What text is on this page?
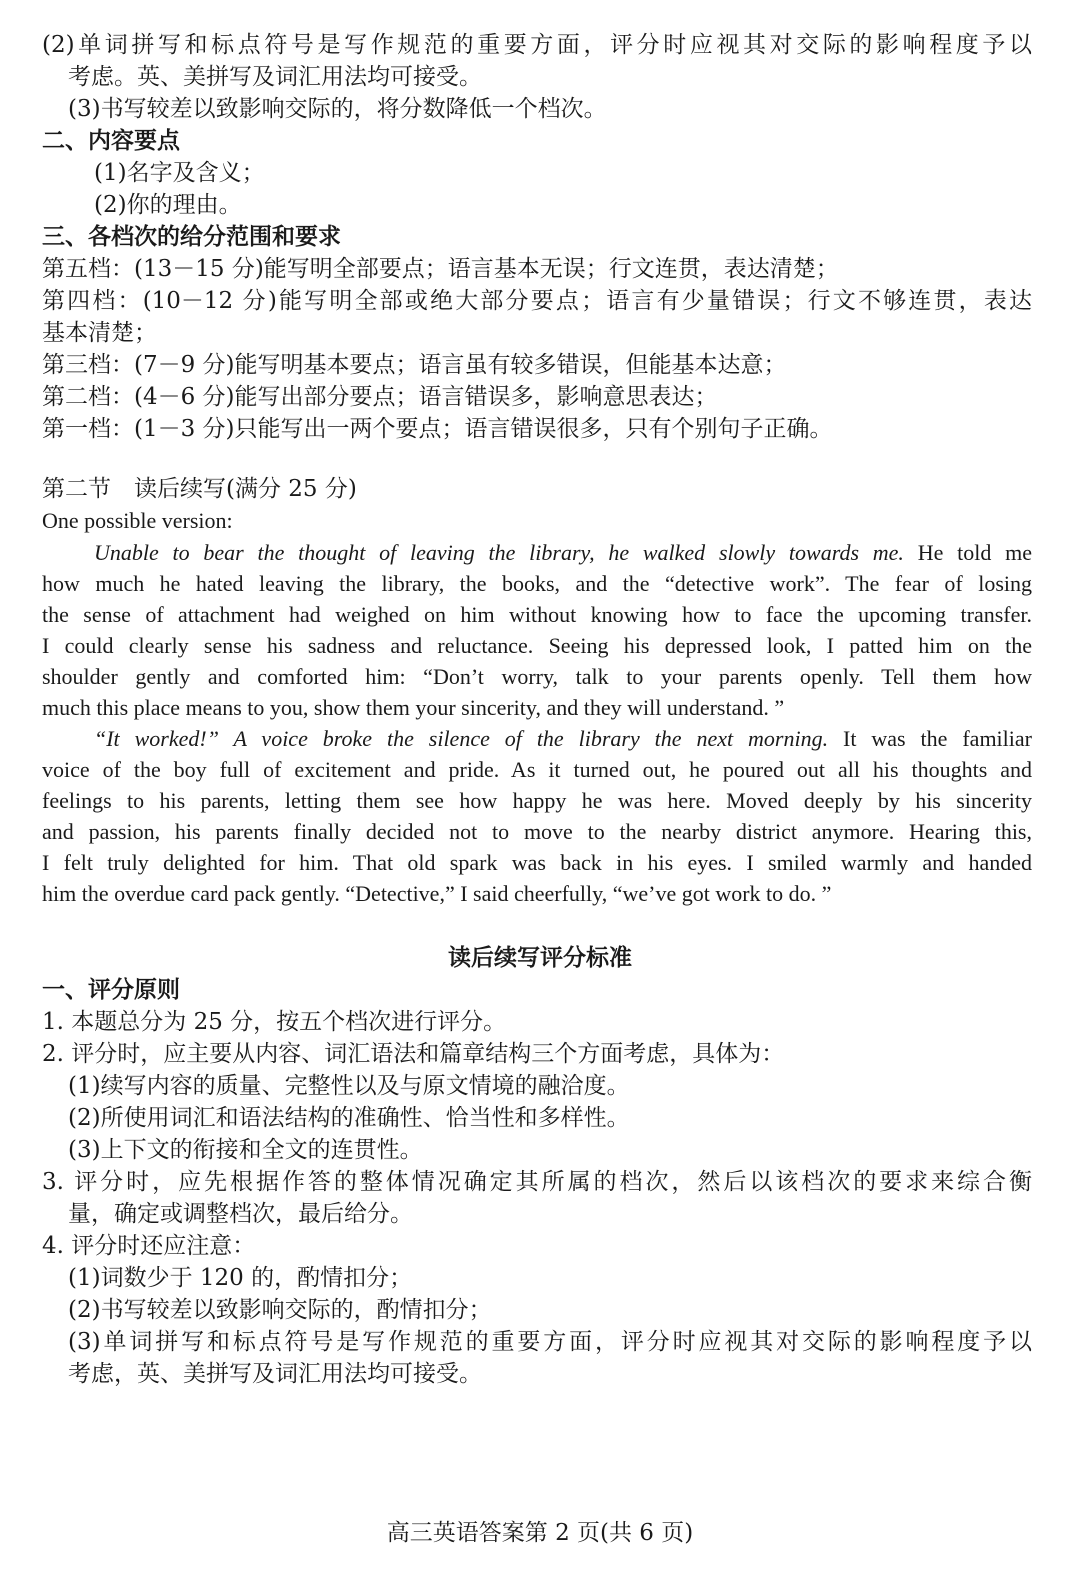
(2)单词拼写和标点符号是写作规范的重要方面，评分时应视其对交际的影响程度予以
考虑。英、美拼写及词汇用法均可接受。
(3)书写较差以致影响交际的，将分数降低一个档次。
二、内容要点
(1)名字及含义；
(2)你的理由。
三、各档次的给分范围和要求
第五档：(13－15 分)能写明全部要点；语言基本无误；行文连贯，表达清楚；
第四档：(10－12 分)能写明全部或绝大部分要点；语言有少量错误；行文不够连贯，表达
基本清楚；
第三档：(7－9 分)能写明基本要点；语言虽有较多错误，但能基本达意；
第二档：(4－6 分)能写出部分要点；语言错误多，影响意思表达；
第一档：(1－3 分)只能写出一两个要点；语言错误很多，只有个别句子正确。
第二节　读后续写(满分 25 分)
One possible version:
Unable to bear the thought of leaving the library, he walked slowly towards me. He told me
how much he hated leaving the library, the books, and the “detective work”. The fear of losing
the sense of attachment had weighed on him without knowing how to face the upcoming transfer.
I could clearly sense his sadness and reluctance. Seeing his depressed look, I patted him on the
shoulder gently and comforted him: “Don’t worry, talk to your parents openly. Tell them how
much this place means to you, show them your sincerity, and they will understand. ”
“It worked!” A voice broke the silence of the library the next morning. It was the familiar
voice of the boy full of excitement and pride. As it turned out, he poured out all his thoughts and
feelings to his parents, letting them see how happy he was here. Moved deeply by his sincerity
and passion, his parents finally decided not to move to the nearby district anymore. Hearing this,
I felt truly delighted for him. That old spark was back in his eyes. I smiled warmly and handed
him the overdue card pack gently. “Detective,” I said cheerfully, “we’ve got work to do. ”
读后续写评分标准
一、评分原则
1. 本题总分为 25 分，按五个档次进行评分。
2. 评分时，应主要从内容、词汇语法和篇章结构三个方面考虑，具体为：
(1)续写内容的质量、完整性以及与原文情境的融洽度。
(2)所使用词汇和语法结构的准确性、恰当性和多样性。
(3)上下文的衔接和全文的连贯性。
3. 评分时，应先根据作答的整体情况确定其所属的档次，然后以该档次的要求来综合衡
量，确定或调整档次，最后给分。
4. 评分时还应注意：
(1)词数少于 120 的，酌情扣分；
(2)书写较差以致影响交际的，酌情扣分；
(3)单词拼写和标点符号是写作规范的重要方面，评分时应视其对交际的影响程度予以
考虑，英、美拼写及词汇用法均可接受。
高三英语答案第 2 页(共 6 页)
